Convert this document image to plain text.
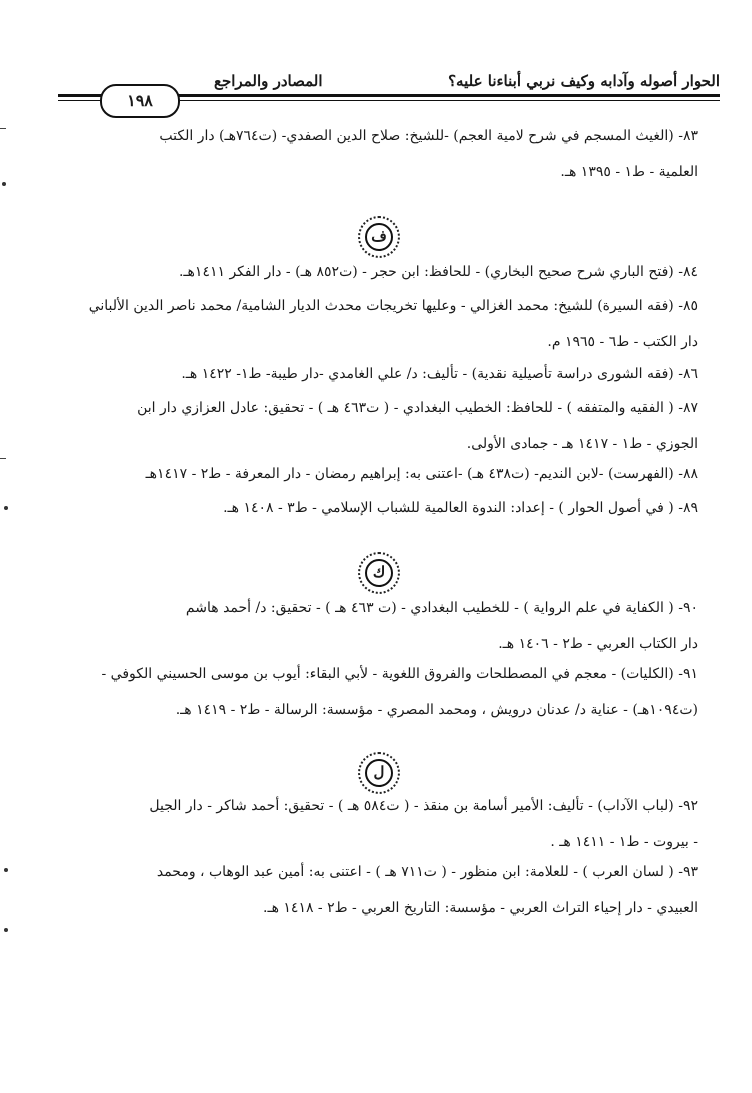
الحوار أصوله وآدابه وكيف نربي أبناءنا عليه؟
المصادر والمراجع
١٩٨
٨٣- (الغيث المسجم في شرح لامية العجم) -للشيخ: صلاح الدين الصفدي- (ت٧٦٤هـ) دار الكتب
العلمية - ط١ - ١٣٩٥ هـ.
ف
٨٤- (فتح الباري شرح صحيح البخاري) - للحافظ: ابن حجر - (ت٨٥٢ هـ) - دار الفكر ١٤١١هـ.
٨٥- (فقه السيرة) للشيخ: محمد الغزالي - وعليها تخريجات محدث الديار الشامية/ محمد ناصر الدين الألباني
دار الكتب - ط٦ - ١٩٦٥ م.
٨٦- (فقه الشورى دراسة تأصيلية نقدية) - تأليف: د/ علي الغامدي -دار طيبة- ط١- ١٤٢٢ هـ.
٨٧- ( الفقيه والمتفقه ) - للحافظ: الخطيب البغدادي - ( ت٤٦٣ هـ ) - تحقيق: عادل العزازي دار ابن
الجوزي - ط١ - ١٤١٧ هـ - جمادى الأولى.
٨٨- (الفهرست) -لابن النديم- (ت٤٣٨ هـ) -اعتنى به: إبراهيم رمضان - دار المعرفة - ط٢ - ١٤١٧هـ
٨٩- ( في أصول الحوار ) - إعداد: الندوة العالمية للشباب الإسلامي - ط٣ - ١٤٠٨ هـ.
ك
٩٠- ( الكفاية في علم الرواية ) - للخطيب البغدادي - (ت ٤٦٣ هـ ) - تحقيق: د/ أحمد هاشم
دار الكتاب العربي - ط٢ - ١٤٠٦ هـ.
٩١- (الكليات) - معجم في المصطلحات والفروق اللغوية - لأبي البقاء: أيوب بن موسى الحسيني الكوفي -
(ت١٠٩٤هـ) - عناية د/ عدنان درويش ، ومحمد المصري - مؤسسة: الرسالة - ط٢ - ١٤١٩ هـ.
ل
٩٢- (لباب الآداب) - تأليف: الأمير أسامة بن منقذ - ( ت٥٨٤ هـ ) - تحقيق: أحمد شاكر - دار الجيل
- بيروت - ط١ - ١٤١١ هـ .
٩٣- ( لسان العرب ) - للعلامة: ابن منظور - ( ت٧١١ هـ ) - اعتنى به: أمين عبد الوهاب ، ومحمد
العبيدي - دار إحياء التراث العربي - مؤسسة: التاريخ العربي - ط٢ - ١٤١٨ هـ.
